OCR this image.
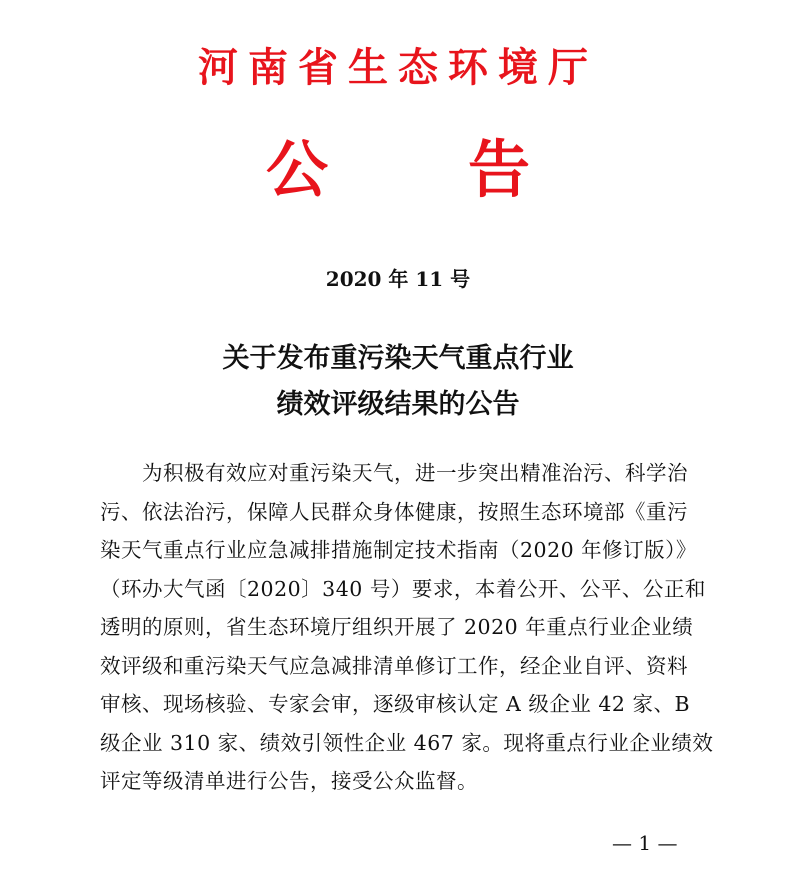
河南省生态环境厅
公 告
2020 年 11 号
关于发布重污染天气重点行业
绩效评级结果的公告
　　为积极有效应对重污染天气，进一步突出精准治污、科学治
污、依法治污，保障人民群众身体健康，按照生态环境部《重污
染天气重点行业应急减排措施制定技术指南（2020 年修订版）》
（环办大气函〔2020〕340 号）要求，本着公开、公平、公正和
透明的原则，省生态环境厅组织开展了 2020 年重点行业企业绩
效评级和重污染天气应急减排清单修订工作，经企业自评、资料
审核、现场核验、专家会审，逐级审核认定 A 级企业 42 家、B
级企业 310 家、绩效引领性企业 467 家。现将重点行业企业绩效
评定等级清单进行公告，接受公众监督。
— 1 —
